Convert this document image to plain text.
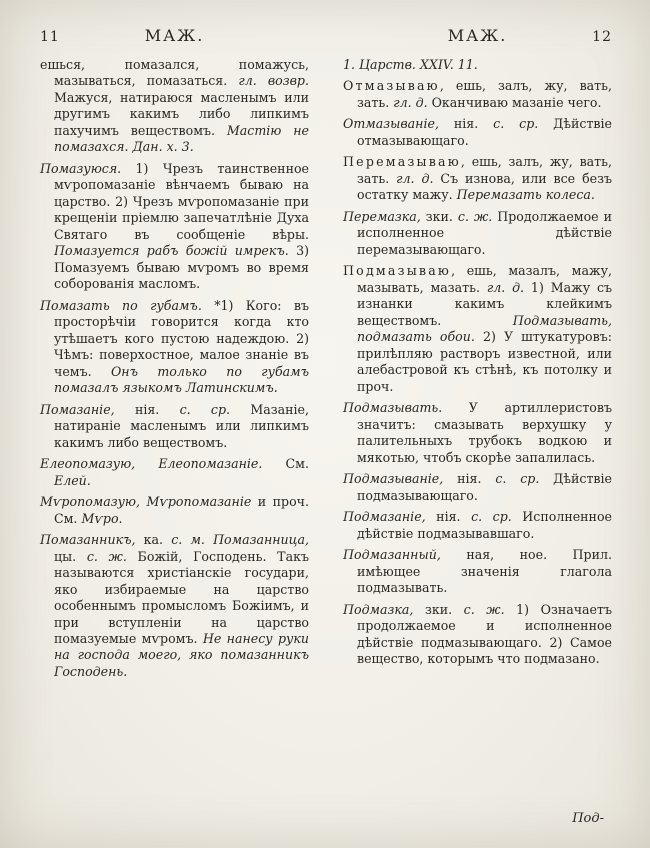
11	МАЖ.	МАЖ.	12

ешься, помазался, помажусь, мазываться, помазаться. гл. возвр. Мажуся, натираюся масленымъ или другимъ какимъ либо липкимъ пахучимъ веществомъ. Мастію не помазахся. Дан. х. 3.

Помазуюся. 1) Чрезъ таинственное мѵропомазаніе вѣнчаемъ бываю на царство. 2) Чрезъ мѵропомазаніе при крещеніи пріемлю запечатлѣніе Духа Святаго въ сообщеніе вѣры. Помазуется рабъ божій имрекъ. 3) Помазуемъ бываю мѵромъ во время соборованія масломъ.

Помазать по губамъ. *1) Кого: въ просторѣчіи говорится когда кто утѣшаетъ кого пустою надеждою. 2) Чѣмъ: поверхостное, малое знаніе въ чемъ. Онъ только по губамъ помазалъ языкомъ Латинскимъ.

Помазаніе, нія. с. ср. Мазаніе, натираніе масленымъ или липкимъ какимъ либо веществомъ.

Елеопомазую, Елеопомазаніе. См. Елей.

Мѵропомазую, Мѵропомазаніе и проч. См. Мѵро.

Помазанникъ, ка. с. м. Помазанница, цы. с. ж. Божій, Господень. Такъ называются христіанскіе государи, яко избираемые на царство особеннымъ промысломъ Божіимъ, и при вступленіи на царство помазуемые мѵромъ. Не нанесу руки на господа моего, яко помазанникъ Господень.

1. Царств. XXIV. 11.

Отмазываю, ешь, залъ, жу, вать, зать. гл. д. Оканчиваю мазаніе чего.

Отмазываніе, нія. с. ср. Дѣйствіе отмазывающаго.

Перемазываю, ешь, залъ, жу, вать, зать. гл. д. Съ изнова, или все безъ остатку мажу. Перемазать колеса.

Перемазка, зки. с. ж. Продолжаемое и исполненное дѣйствіе перемазывающаго.

Подмазываю, ешь, мазалъ, мажу, мазывать, мазать. гл. д. 1) Мажу съ изнанки какимъ клейкимъ веществомъ. Подмазывать, подмазать обои. 2) У штукатуровъ: прилѣпляю растворъ известной, или алебастровой къ стѣнѣ, къ потолку и проч.

Подмазывать. У артиллеристовъ значитъ: смазывать верхушку у палительныхъ трубокъ водкою и мякотью, чтобъ скорѣе запалилась.

Подмазываніе, нія. с. ср. Дѣйствіе подмазывающаго.

Подмазаніе, нія. с. ср. Исполненное дѣйствіе подмазывавшаго.

Подмазанный, ная, ное. Прил. имѣющее значенія глагола подмазывать.

Подмазка, зки. с. ж. 1) Означаетъ продолжаемое и исполненное дѣйствіе подмазывающаго. 2) Самое вещество, которымъ что подмазано.

Под-
